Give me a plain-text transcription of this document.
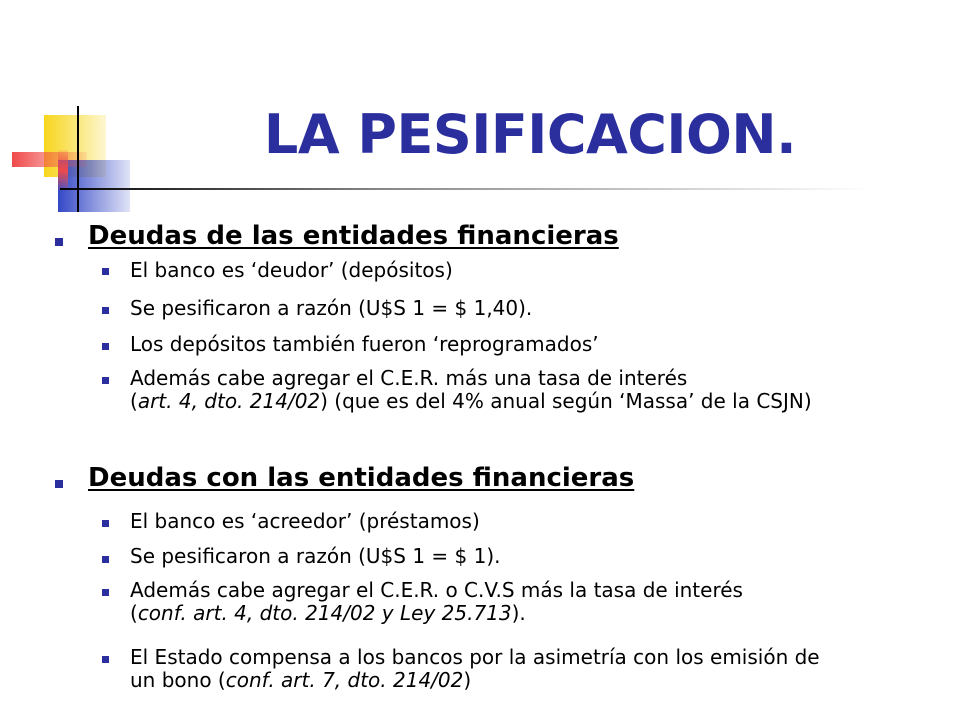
LA PESIFICACION.
Deudas de las entidades financieras
El banco es ‘deudor’ (depósitos)
Se pesificaron a razón (U$S 1 = $ 1,40).
Los depósitos también fueron ‘reprogramados’
Además cabe agregar el C.E.R. más una tasa de interés
(art. 4, dto. 214/02) (que es del 4% anual según ‘Massa’ de la CSJN)
Deudas con las entidades financieras
El banco es ‘acreedor’ (préstamos)
Se pesificaron a razón (U$S 1 = $ 1).
Además cabe agregar el C.E.R. o C.V.S más la tasa de interés
(conf. art. 4, dto. 214/02 y Ley 25.713).
El Estado compensa a los bancos por la asimetría con los emisión de
un bono (conf. art. 7, dto. 214/02)
